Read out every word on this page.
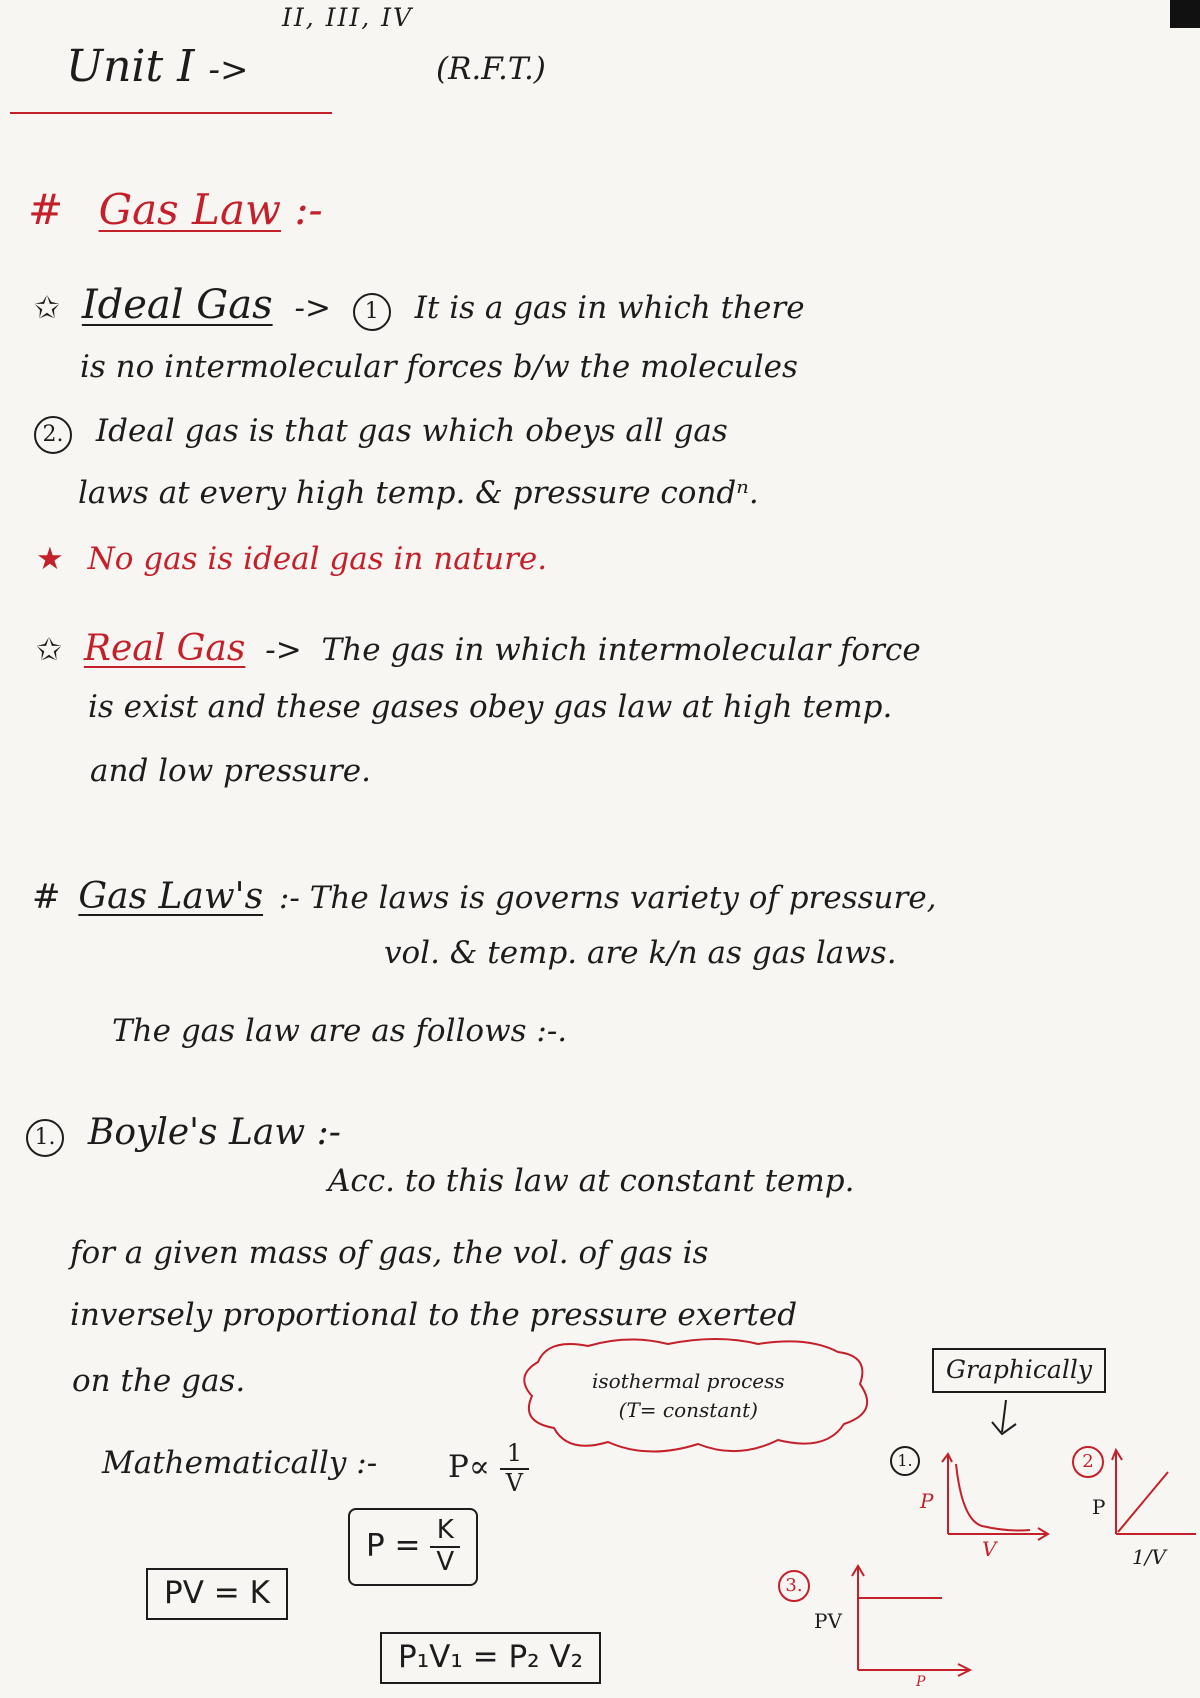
II, III, IV
Unit I ->	(R.F.T.)
# Gas Law :-
✩ Ideal Gas -> 1 It is a gas in which there
is no intermolecular forces b/w the molecules
2. Ideal gas is that gas which obeys all gas
laws at every high temp. & pressure condⁿ.
★ No gas is ideal gas in nature.
✩ Real Gas -> The gas in which intermolecular force
is exist and these gases obey gas law at high temp.
and low pressure.
# Gas Law's :- The laws is governs variety of pressure,
vol. & temp. are k/n as gas laws.
The gas law are as follows :-.
1. Boyle's Law :-
Acc. to this law at constant temp.
for a given mass of gas, the vol. of gas is
inversely proportional to the pressure exerted
on the gas.	isothermal process
(T= constant)
Graphically
Mathematically :- $P\propto \frac{1}{V}$
$P = \frac{K}{V}$
PV = K
P₁V₁ = P₂ V₂
1.
P
V
2
P
1/V
3.
PV
P
